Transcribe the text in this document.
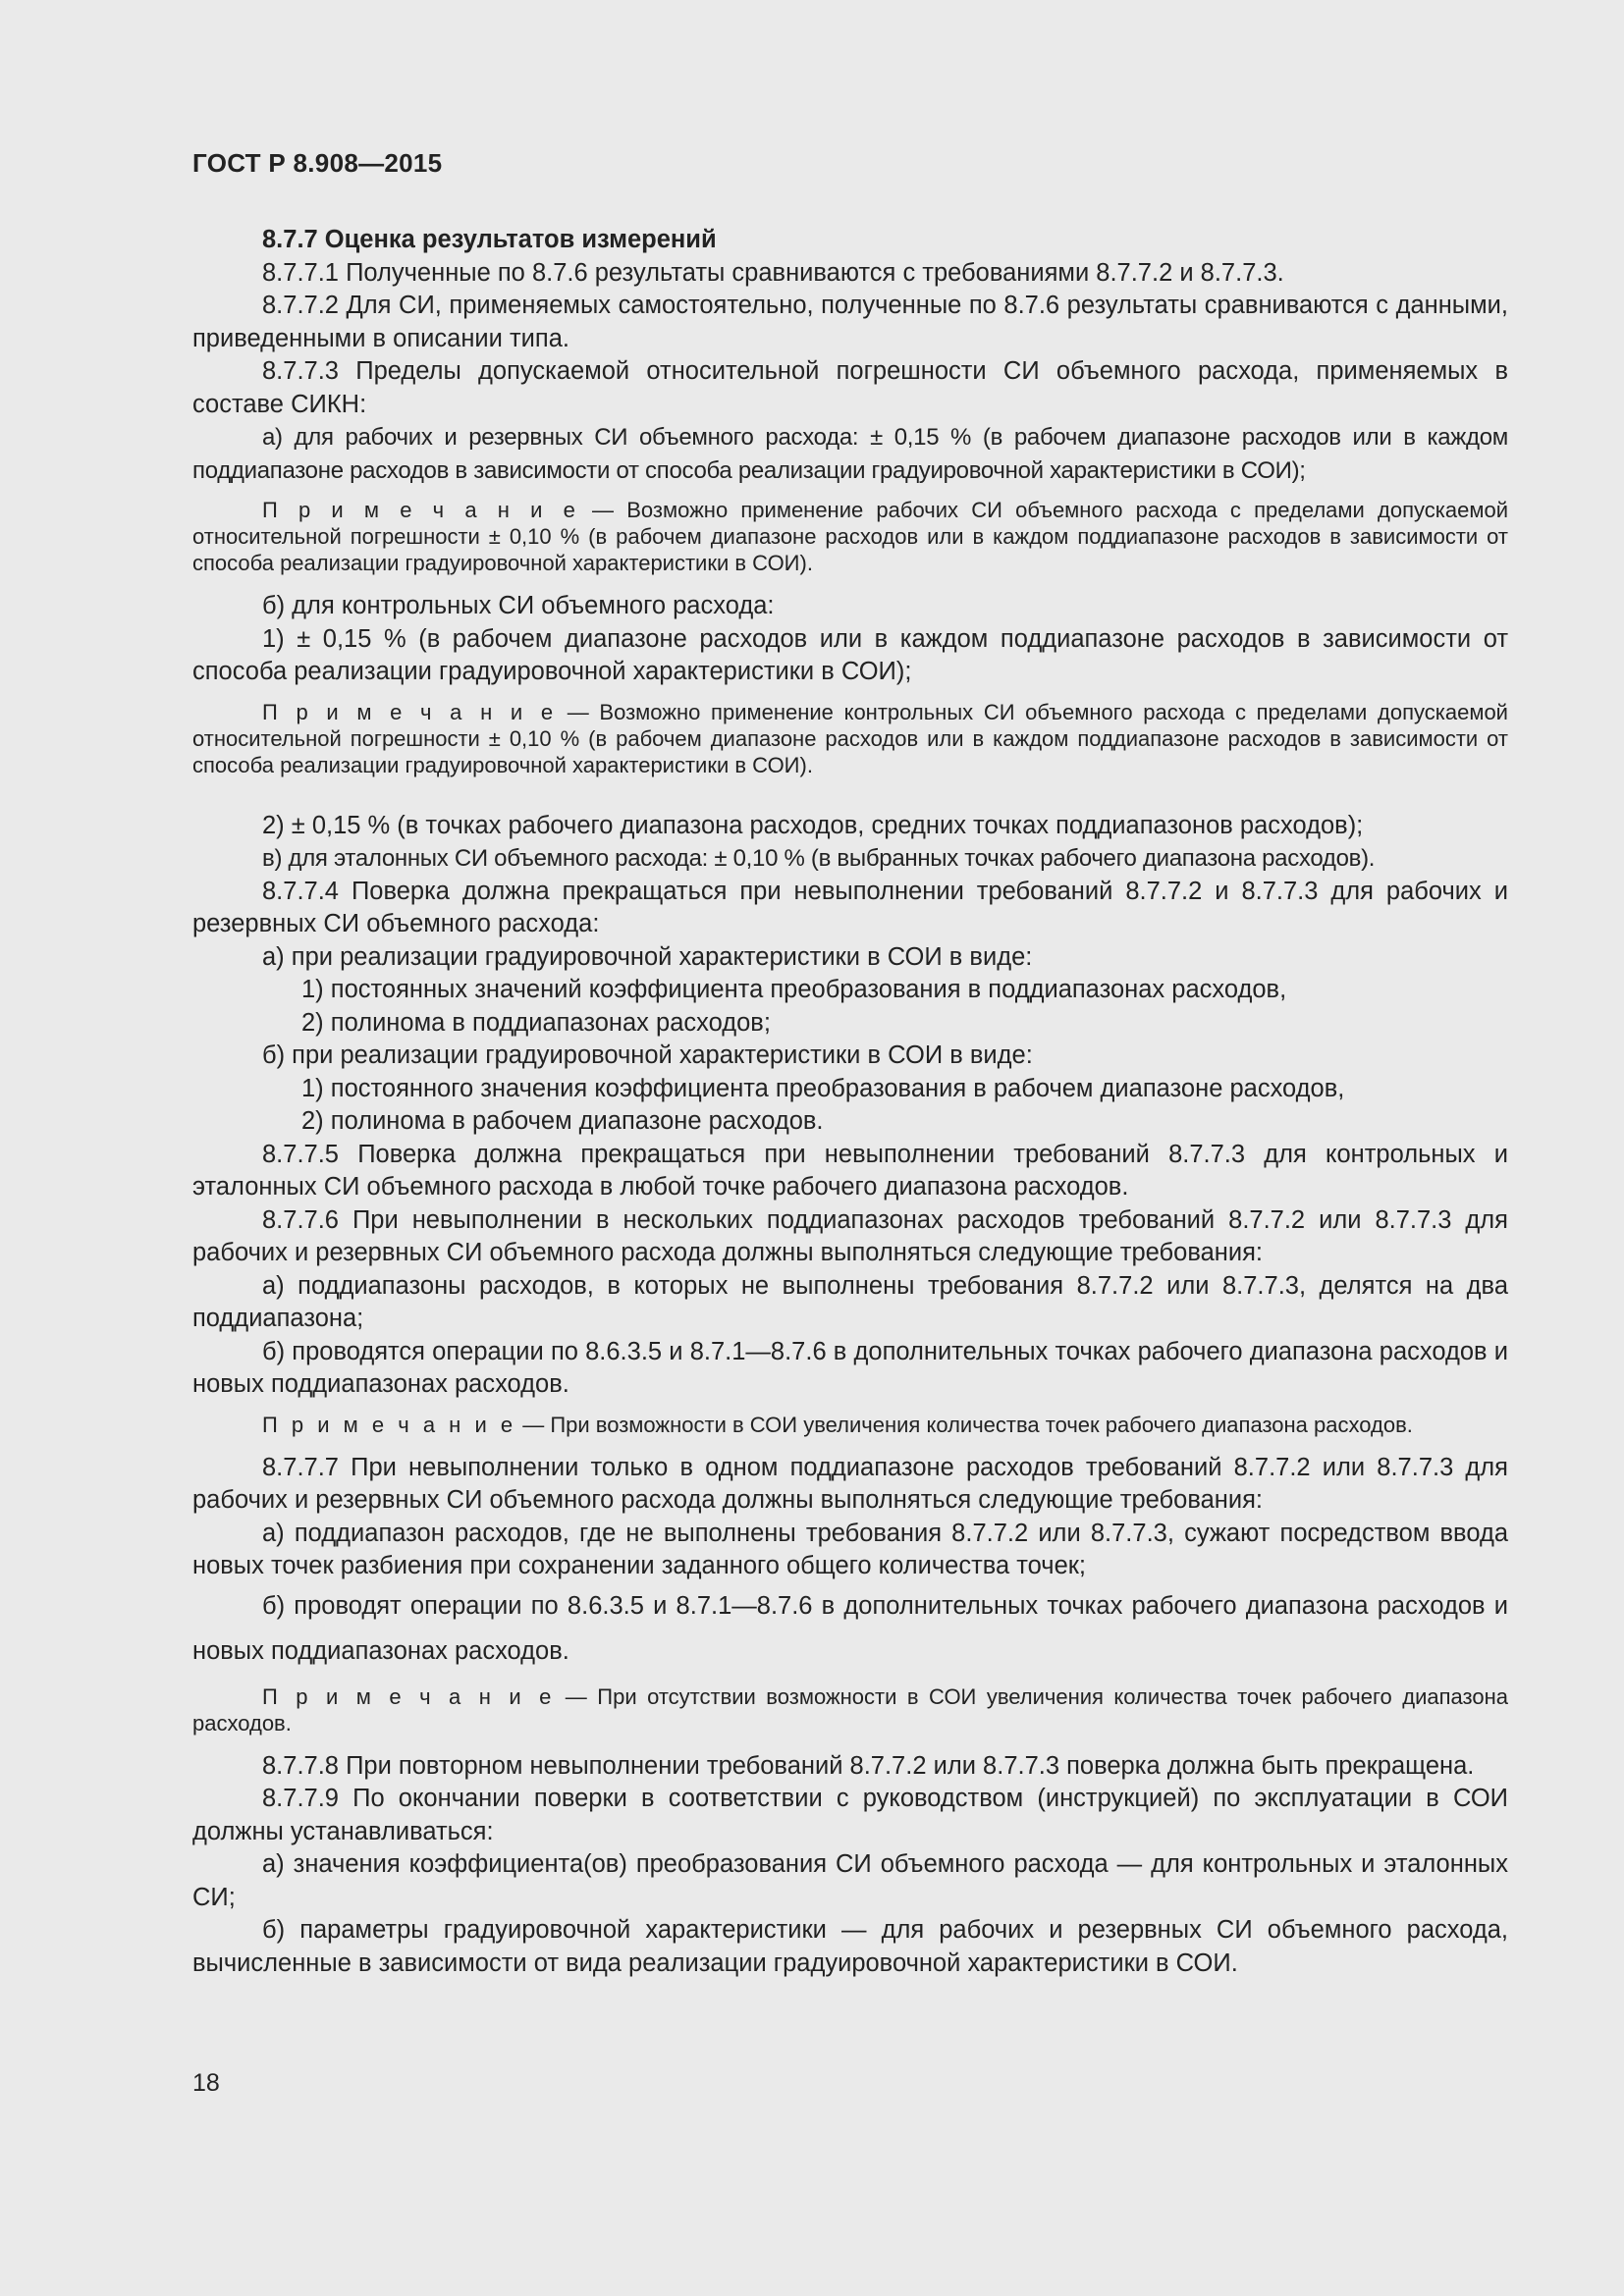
ГОСТ Р 8.908—2015

8.7.7 Оценка результатов измерений

8.7.7.1 Полученные по 8.7.6 результаты сравниваются с требованиями 8.7.7.2 и 8.7.7.3.

8.7.7.2 Для СИ, применяемых самостоятельно, полученные по 8.7.6 результаты сравниваются с данными, приведенными в описании типа.

8.7.7.3 Пределы допускаемой относительной погрешности СИ объемного расхода, применяемых в составе СИКН:

а) для рабочих и резервных СИ объемного расхода: ± 0,15 % (в рабочем диапазоне расходов или в каждом поддиапазоне расходов в зависимости от способа реализации градуировочной характеристики в СОИ);

П р и м е ч а н и е — Возможно применение рабочих СИ объемного расхода с пределами допускаемой относительной погрешности ± 0,10 % (в рабочем диапазоне расходов или в каждом поддиапазоне расходов в зависимости от способа реализации градуировочной характеристики в СОИ).

б) для контрольных СИ объемного расхода:

1) ± 0,15 % (в рабочем диапазоне расходов или в каждом поддиапазоне расходов в зависимости от способа реализации градуировочной характеристики в СОИ);

П р и м е ч а н и е — Возможно применение контрольных СИ объемного расхода с пределами допускаемой относительной погрешности ± 0,10 % (в рабочем диапазоне расходов или в каждом поддиапазоне расходов в зависимости от способа реализации градуировочной характеристики в СОИ).

2) ± 0,15 % (в точках рабочего диапазона расходов, средних точках поддиапазонов расходов);

в) для эталонных СИ объемного расхода: ± 0,10 % (в выбранных точках рабочего диапазона расходов).

8.7.7.4 Поверка должна прекращаться при невыполнении требований 8.7.7.2 и 8.7.7.3 для рабочих и резервных СИ объемного расхода:

а) при реализации градуировочной характеристики в СОИ в виде:

1) постоянных значений коэффициента преобразования в поддиапазонах расходов,

2) полинома в поддиапазонах расходов;

б) при реализации градуировочной характеристики в СОИ в виде:

1) постоянного значения коэффициента преобразования в рабочем диапазоне расходов,

2) полинома в рабочем диапазоне расходов.

8.7.7.5 Поверка должна прекращаться при невыполнении требований 8.7.7.3 для контрольных и эталонных СИ объемного расхода в любой точке рабочего диапазона расходов.

8.7.7.6 При невыполнении в нескольких поддиапазонах расходов требований 8.7.7.2 или 8.7.7.3 для рабочих и резервных СИ объемного расхода должны выполняться следующие требования:

а) поддиапазоны расходов, в которых не выполнены требования 8.7.7.2 или 8.7.7.3, делятся на два поддиапазона;

б) проводятся операции по 8.6.3.5 и 8.7.1—8.7.6 в дополнительных точках рабочего диапазона расходов и новых поддиапазонах расходов.

П р и м е ч а н и е — При возможности в СОИ увеличения количества точек рабочего диапазона расходов.

8.7.7.7 При невыполнении только в одном поддиапазоне расходов требований 8.7.7.2 или 8.7.7.3 для рабочих и резервных СИ объемного расхода должны выполняться следующие требования:

а) поддиапазон расходов, где не выполнены требования 8.7.7.2 или 8.7.7.3, сужают посредством ввода новых точек разбиения при сохранении заданного общего количества точек;

б) проводят операции по 8.6.3.5 и 8.7.1—8.7.6 в дополнительных точках рабочего диапазона расходов и новых поддиапазонах расходов.

П р и м е ч а н и е — При отсутствии возможности в СОИ увеличения количества точек рабочего диапазона расходов.

8.7.7.8 При повторном невыполнении требований 8.7.7.2 или 8.7.7.3 поверка должна быть прекращена.

8.7.7.9 По окончании поверки в соответствии с руководством (инструкцией) по эксплуатации в СОИ должны устанавливаться:

а) значения коэффициента(ов) преобразования СИ объемного расхода — для контрольных и эталонных СИ;

б) параметры градуировочной характеристики — для рабочих и резервных СИ объемного расхода, вычисленные в зависимости от вида реализации градуировочной характеристики в СОИ.

18
